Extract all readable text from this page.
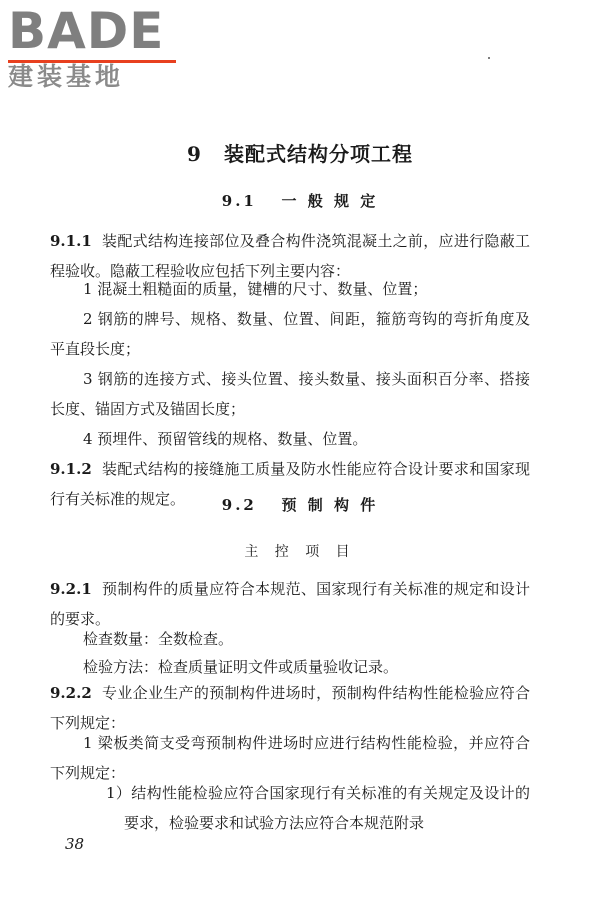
BADE
建装基地
9 装配式结构分项工程
9.1 一 般 规 定
9.1.1 装配式结构连接部位及叠合构件浇筑混凝土之前，应进行隐蔽工程验收。隐蔽工程验收应包括下列主要内容：
1 混凝土粗糙面的质量，键槽的尺寸、数量、位置；
2 钢筋的牌号、规格、数量、位置、间距，箍筋弯钩的弯折角度及平直段长度；
3 钢筋的连接方式、接头位置、接头数量、接头面积百分率、搭接长度、锚固方式及锚固长度；
4 预埋件、预留管线的规格、数量、位置。
9.1.2 装配式结构的接缝施工质量及防水性能应符合设计要求和国家现行有关标准的规定。	9.2 预 制 构 件
主 控 项 目
9.2.1 预制构件的质量应符合本规范、国家现行有关标准的规定和设计的要求。
检查数量：全数检查。
检验方法：检查质量证明文件或质量验收记录。
9.2.2 专业企业生产的预制构件进场时，预制构件结构性能检验应符合下列规定：
1 梁板类简支受弯预制构件进场时应进行结构性能检验，并应符合下列规定：
1）结构性能检验应符合国家现行有关标准的有关规定及设计的要求，检验要求和试验方法应符合本规范附录
38
